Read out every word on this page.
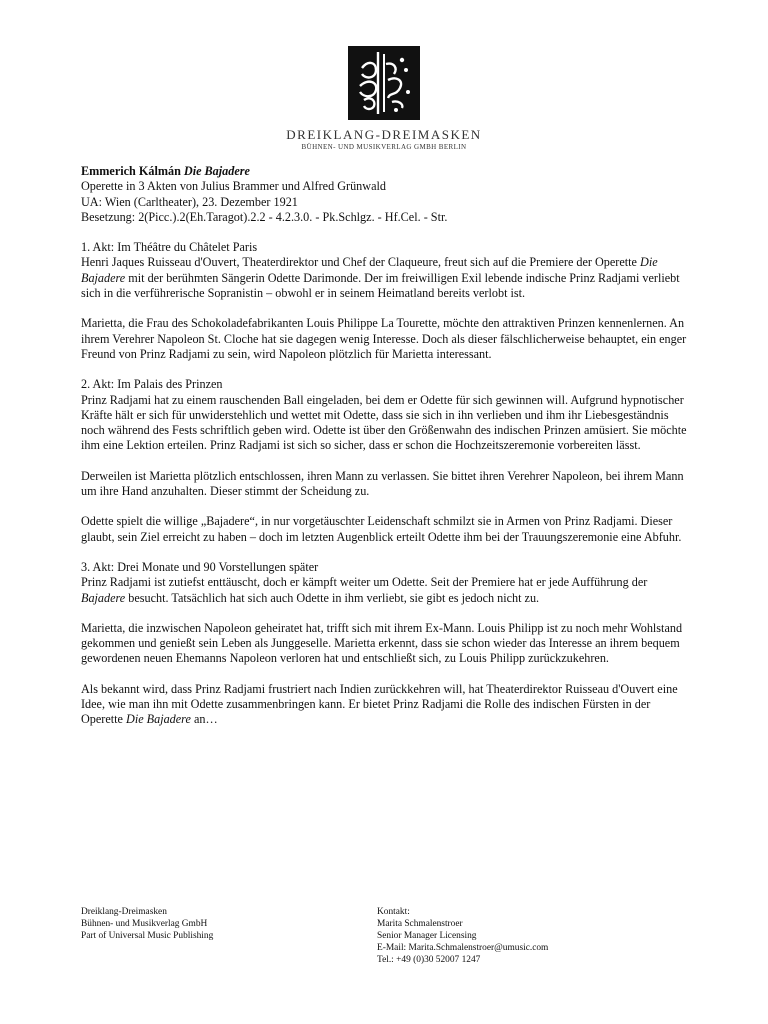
DREIKLANG-DREIMASKEN
BÜHNEN- UND MUSIKVERLAG GMBH BERLIN
Emmerich Kálmán Die Bajadere
Operette in 3 Akten von Julius Brammer und Alfred Grünwald
UA: Wien (Carltheater), 23. Dezember 1921
Besetzung: 2(Picc.).2(Eh.Taragot).2.2 - 4.2.3.0. - Pk.Schlgz. - Hf.Cel. - Str.
1. Akt: Im Théâtre du Châtelet Paris

Henri Jaques Ruisseau d'Ouvert, Theaterdirektor und Chef der Claqueure, freut sich auf die Premiere der Operette Die Bajadere mit der berühmten Sängerin Odette Darimonde. Der im freiwilligen Exil lebende indische Prinz Radjami verliebt sich in die verführerische Sopranistin – obwohl er in seinem Heimatland bereits verlobt ist.

Marietta, die Frau des Schokoladefabrikanten Louis Philippe La Tourette, möchte den attraktiven Prinzen kennenlernen. An ihrem Verehrer Napoleon St. Cloche hat sie dagegen wenig Interesse. Doch als dieser fälschlicherweise behauptet, ein enger Freund von Prinz Radjami zu sein, wird Napoleon plötzlich für Marietta interessant.

2. Akt: Im Palais des Prinzen

Prinz Radjami hat zu einem rauschenden Ball eingeladen, bei dem er Odette für sich gewinnen will. Aufgrund hypnotischer Kräfte hält er sich für unwiderstehlich und wettet mit Odette, dass sie sich in ihn verlieben und ihm ihr Liebesgeständnis noch während des Fests schriftlich geben wird. Odette ist über den Größenwahn des indischen Prinzen amüsiert. Sie möchte ihm eine Lektion erteilen. Prinz Radjami ist sich so sicher, dass er schon die Hochzeitszeremonie vorbereiten lässt.

Derweilen ist Marietta plötzlich entschlossen, ihren Mann zu verlassen. Sie bittet ihren Verehrer Napoleon, bei ihrem Mann um ihre Hand anzuhalten. Dieser stimmt der Scheidung zu.

Odette spielt die willige „Bajadere“, in nur vorgetäuschter Leidenschaft schmilzt sie in Armen von Prinz Radjami. Dieser glaubt, sein Ziel erreicht zu haben – doch im letzten Augenblick erteilt Odette ihm bei der Trauungszeremonie eine Abfuhr.

3. Akt: Drei Monate und 90 Vorstellungen später

Prinz Radjami ist zutiefst enttäuscht, doch er kämpft weiter um Odette. Seit der Premiere hat er jede Aufführung der Bajadere besucht. Tatsächlich hat sich auch Odette in ihm verliebt, sie gibt es jedoch nicht zu.

Marietta, die inzwischen Napoleon geheiratet hat, trifft sich mit ihrem Ex-Mann. Louis Philipp ist zu noch mehr Wohlstand gekommen und genießt sein Leben als Junggeselle. Marietta erkennt, dass sie schon wieder das Interesse an ihrem bequem gewordenen neuen Ehemanns Napoleon verloren hat und entschließt sich, zu Louis Philipp zurückzukehren.

Als bekannt wird, dass Prinz Radjami frustriert nach Indien zurückkehren will, hat Theaterdirektor Ruisseau d'Ouvert eine Idee, wie man ihn mit Odette zusammenbringen kann. Er bietet Prinz Radjami die Rolle des indischen Fürsten in der Operette Die Bajadere an…

Dreiklang-Dreimasken
Bühnen- und Musikverlag GmbH
Part of Universal Music Publishing
Kontakt:
Marita Schmalenstroer
Senior Manager Licensing
E-Mail: Marita.Schmalenstroer@umusic.com
Tel.: +49 (0)30 52007 1247
